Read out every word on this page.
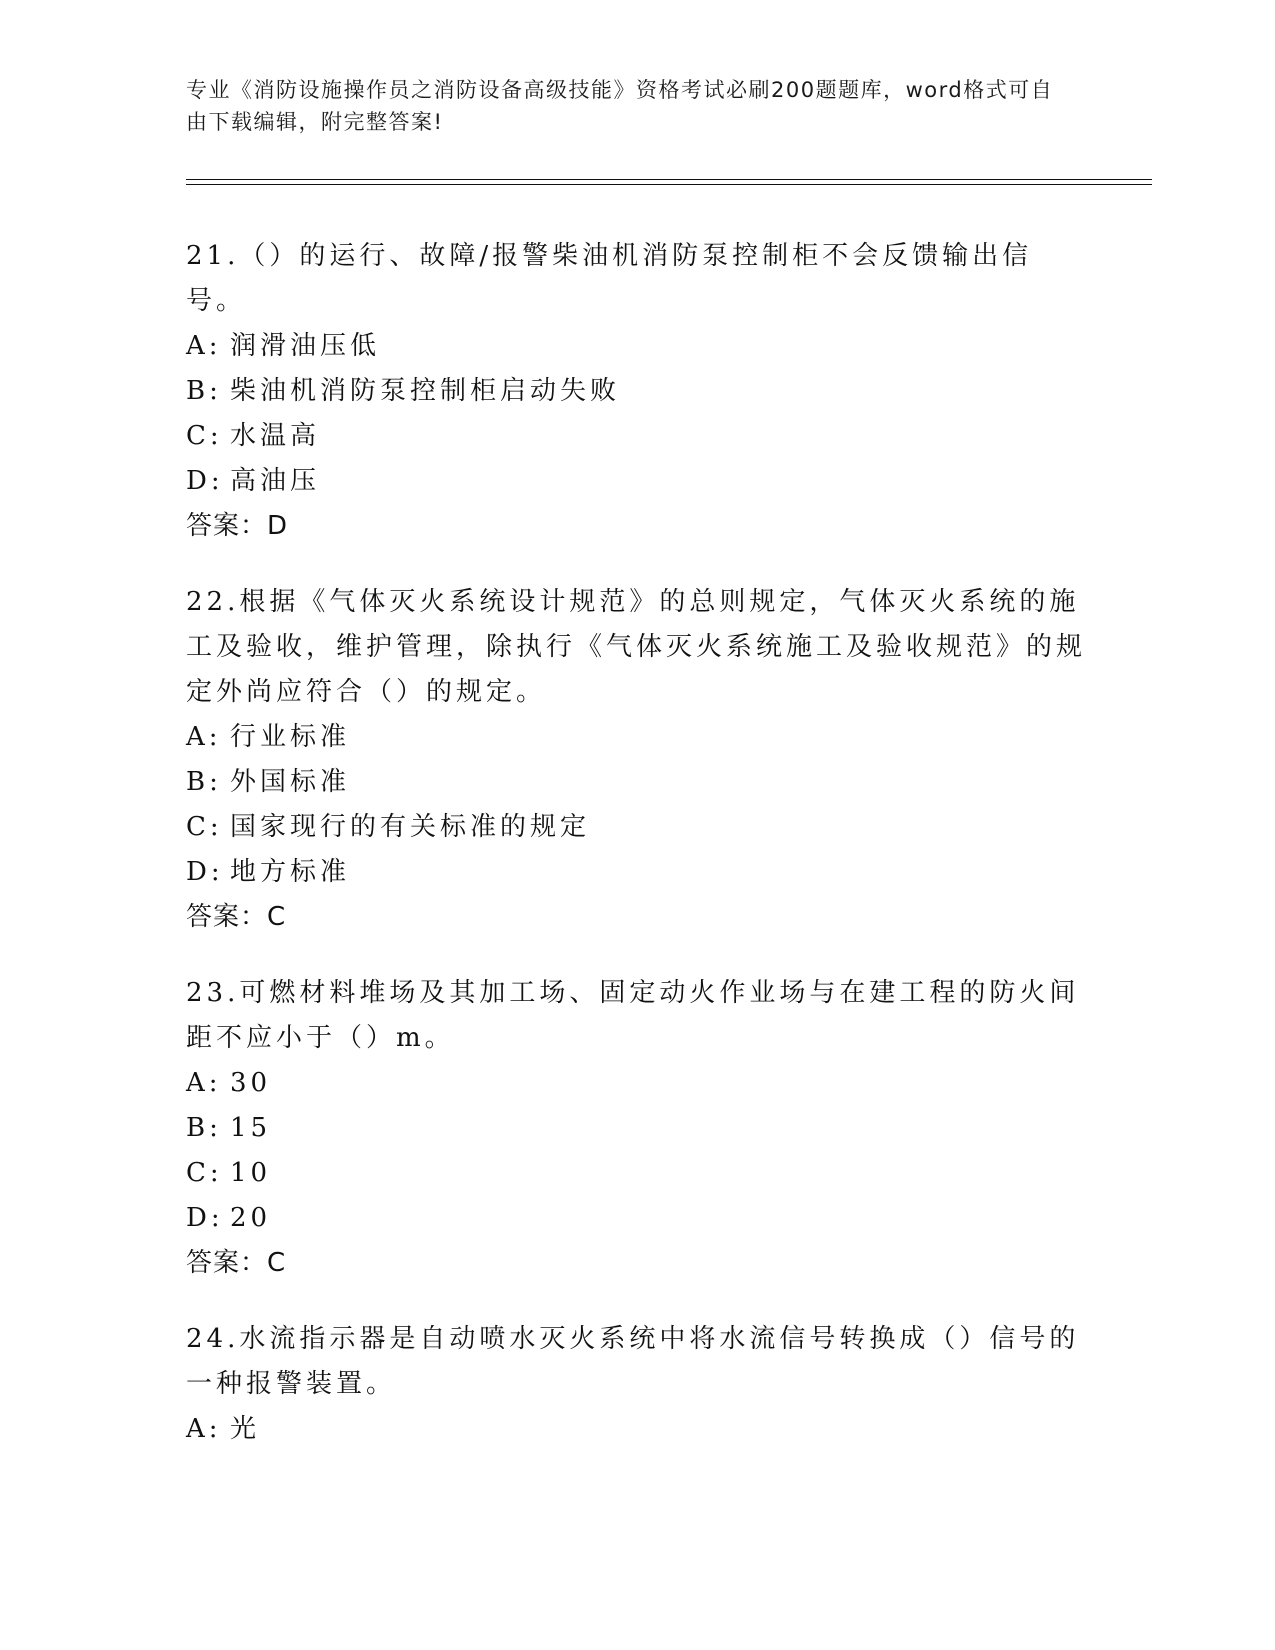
专业《消防设施操作员之消防设备高级技能》资格考试必刷200题题库，word格式可自由下载编辑，附完整答案!

21.（）的运行、故障/报警柴油机消防泵控制柜不会反馈输出信号。

A: 润滑油压低

B: 柴油机消防泵控制柜启动失败

C: 水温高

D: 高油压

答案：D

22.根据《气体灭火系统设计规范》的总则规定，气体灭火系统的施工及验收，维护管理，除执行《气体灭火系统施工及验收规范》的规定外尚应符合（）的规定。

A: 行业标准

B: 外国标准

C: 国家现行的有关标准的规定

D: 地方标准

答案：C

23.可燃材料堆场及其加工场、固定动火作业场与在建工程的防火间距不应小于（）m。

A: 30

B: 15

C: 10

D: 20

答案：C

24.水流指示器是自动喷水灭火系统中将水流信号转换成（）信号的一种报警装置。

A: 光
